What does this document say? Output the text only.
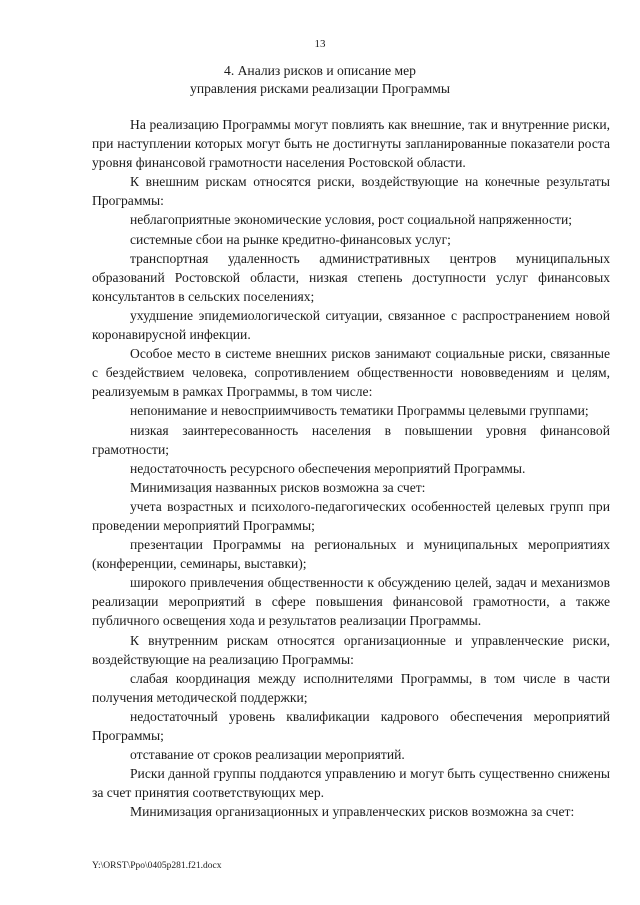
13
4. Анализ рисков и описание мер
управления рисками реализации Программы

На реализацию Программы могут повлиять как внешние, так и внутренние риски, при наступлении которых могут быть не достигнуты запланированные показатели роста уровня финансовой грамотности населения Ростовской области.

К внешним рискам относятся риски, воздействующие на конечные результаты Программы:

неблагоприятные экономические условия, рост социальной напряженности;

системные сбои на рынке кредитно-финансовых услуг;

транспортная удаленность административных центров муниципальных образований Ростовской области, низкая степень доступности услуг финансовых консультантов в сельских поселениях;

ухудшение эпидемиологической ситуации, связанное с распространением новой коронавирусной инфекции.

Особое место в системе внешних рисков занимают социальные риски, связанные с бездействием человека, сопротивлением общественности нововведениям и целям, реализуемым в рамках Программы, в том числе:

непонимание и невосприимчивость тематики Программы целевыми группами;

низкая заинтересованность населения в повышении уровня финансовой грамотности;

недостаточность ресурсного обеспечения мероприятий Программы.

Минимизация названных рисков возможна за счет:

учета возрастных и психолого-педагогических особенностей целевых групп при проведении мероприятий Программы;

презентации Программы на региональных и муниципальных мероприятиях (конференции, семинары, выставки);

широкого привлечения общественности к обсуждению целей, задач и механизмов реализации мероприятий в сфере повышения финансовой грамотности, а также публичного освещения хода и результатов реализации Программы.

К внутренним рискам относятся организационные и управленческие риски, воздействующие на реализацию Программы:

слабая координация между исполнителями Программы, в том числе в части получения методической поддержки;

недостаточный уровень квалификации кадрового обеспечения мероприятий Программы;

отставание от сроков реализации мероприятий.

Риски данной группы поддаются управлению и могут быть существенно снижены за счет принятия соответствующих мер.

Минимизация организационных и управленческих рисков возможна за счет:

Y:\ORST\Ppo\0405p281.f21.docx
